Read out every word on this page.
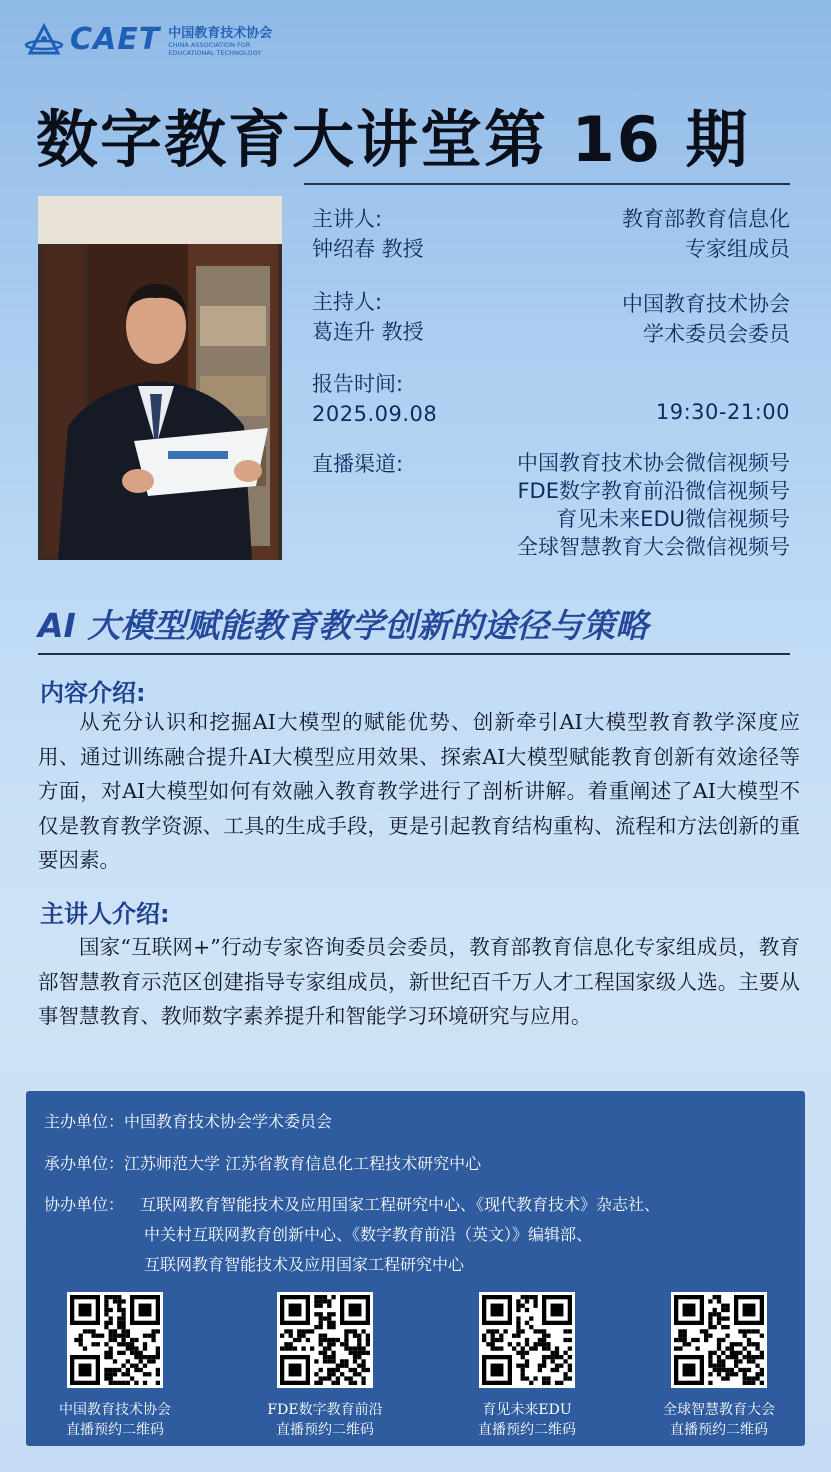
CAET 中国教育技术协会
CHINA ASSOCIATION FOR
EDUCATIONAL TECHNOLOGY
数字教育大讲堂第 16 期
主讲人:
钟绍春 教授
教育部教育信息化
专家组成员
主持人:
葛连升 教授
中国教育技术协会
学术委员会委员
报告时间:
2025.09.08	19:30-21:00
直播渠道:	中国教育技术协会微信视频号
FDE数字教育前沿微信视频号
育见未来EDU微信视频号
全球智慧教育大会微信视频号
AI 大模型赋能教育教学创新的途径与策略
内容介绍:
从充分认识和挖掘AI大模型的赋能优势、创新牵引AI大模型教育教学深度应用、通过训练融合提升AI大模型应用效果、探索AI大模型赋能教育创新有效途径等方面，对AI大模型如何有效融入教育教学进行了剖析讲解。着重阐述了AI大模型不仅是教育教学资源、工具的生成手段，更是引起教育结构重构、流程和方法创新的重要因素。
主讲人介绍:
国家“互联网+”行动专家咨询委员会委员，教育部教育信息化专家组成员，教育部智慧教育示范区创建指导专家组成员，新世纪百千万人才工程国家级人选。主要从事智慧教育、教师数字素养提升和智能学习环境研究与应用。
主办单位：中国教育技术协会学术委员会
承办单位：江苏师范大学 江苏省教育信息化工程技术研究中心
协办单位： 互联网教育智能技术及应用国家工程研究中心、《现代教育技术》杂志社、
中关村互联网教育创新中心、《数字教育前沿（英文）》编辑部、
互联网教育智能技术及应用国家工程研究中心
中国教育技术协会
直播预约二维码
FDE数字教育前沿
直播预约二维码
育见未来EDU
直播预约二维码
全球智慧教育大会
直播预约二维码
